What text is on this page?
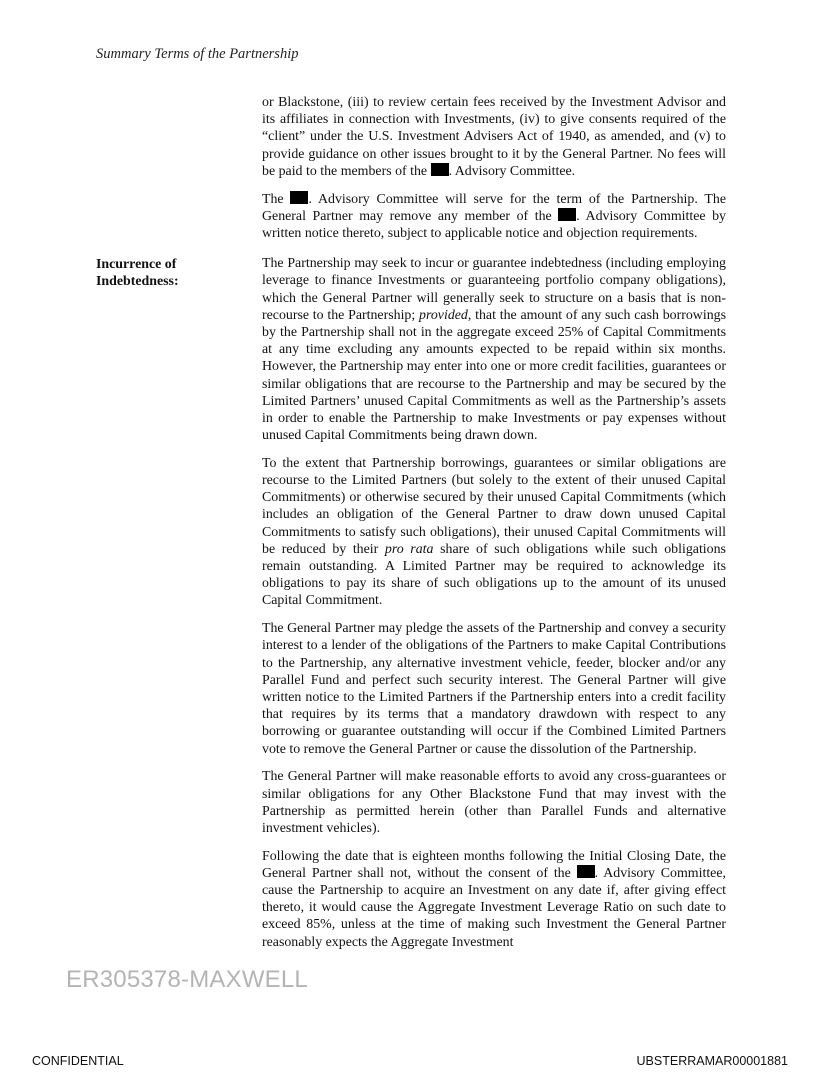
Summary Terms of the Partnership

or Blackstone, (iii) to review certain fees received by the Investment Advisor and its affiliates in connection with Investments, (iv) to give consents required of the “client” under the U.S. Investment Advisers Act of 1940, as amended, and (v) to provide guidance on other issues brought to it by the General Partner. No fees will be paid to the members of the . Advisory Committee.

The . Advisory Committee will serve for the term of the Partnership. The General Partner may remove any member of the . Advisory Committee by written notice thereto, subject to applicable notice and objection requirements.

The Partnership may seek to incur or guarantee indebtedness (including employing leverage to finance Investments or guaranteeing portfolio company obligations), which the General Partner will generally seek to structure on a basis that is non-recourse to the Partnership; provided, that the amount of any such cash borrowings by the Partnership shall not in the aggregate exceed 25% of Capital Commitments at any time excluding any amounts expected to be repaid within six months. However, the Partnership may enter into one or more credit facilities, guarantees or similar obligations that are recourse to the Partnership and may be secured by the Limited Partners’ unused Capital Commitments as well as the Partnership’s assets in order to enable the Partnership to make Investments or pay expenses without unused Capital Commitments being drawn down.

To the extent that Partnership borrowings, guarantees or similar obligations are recourse to the Limited Partners (but solely to the extent of their unused Capital Commitments) or otherwise secured by their unused Capital Commitments (which includes an obligation of the General Partner to draw down unused Capital Commitments to satisfy such obligations), their unused Capital Commitments will be reduced by their pro rata share of such obligations while such obligations remain outstanding. A Limited Partner may be required to acknowledge its obligations to pay its share of such obligations up to the amount of its unused Capital Commitment.

The General Partner may pledge the assets of the Partnership and convey a security interest to a lender of the obligations of the Partners to make Capital Contributions to the Partnership, any alternative investment vehicle, feeder, blocker and/or any Parallel Fund and perfect such security interest. The General Partner will give written notice to the Limited Partners if the Partnership enters into a credit facility that requires by its terms that a mandatory drawdown with respect to any borrowing or guarantee outstanding will occur if the Combined Limited Partners vote to remove the General Partner or cause the dissolution of the Partnership.

The General Partner will make reasonable efforts to avoid any cross-guarantees or similar obligations for any Other Blackstone Fund that may invest with the Partnership as permitted herein (other than Parallel Funds and alternative investment vehicles).

Following the date that is eighteen months following the Initial Closing Date, the General Partner shall not, without the consent of the . Advisory Committee, cause the Partnership to acquire an Investment on any date if, after giving effect thereto, it would cause the Aggregate Investment Leverage Ratio on such date to exceed 85%, unless at the time of making such Investment the General Partner reasonably expects the Aggregate Investment

Incurrence of
Indebtedness:
ER305378-MAXWELL
CONFIDENTIAL	UBSTERRAMAR00001881
